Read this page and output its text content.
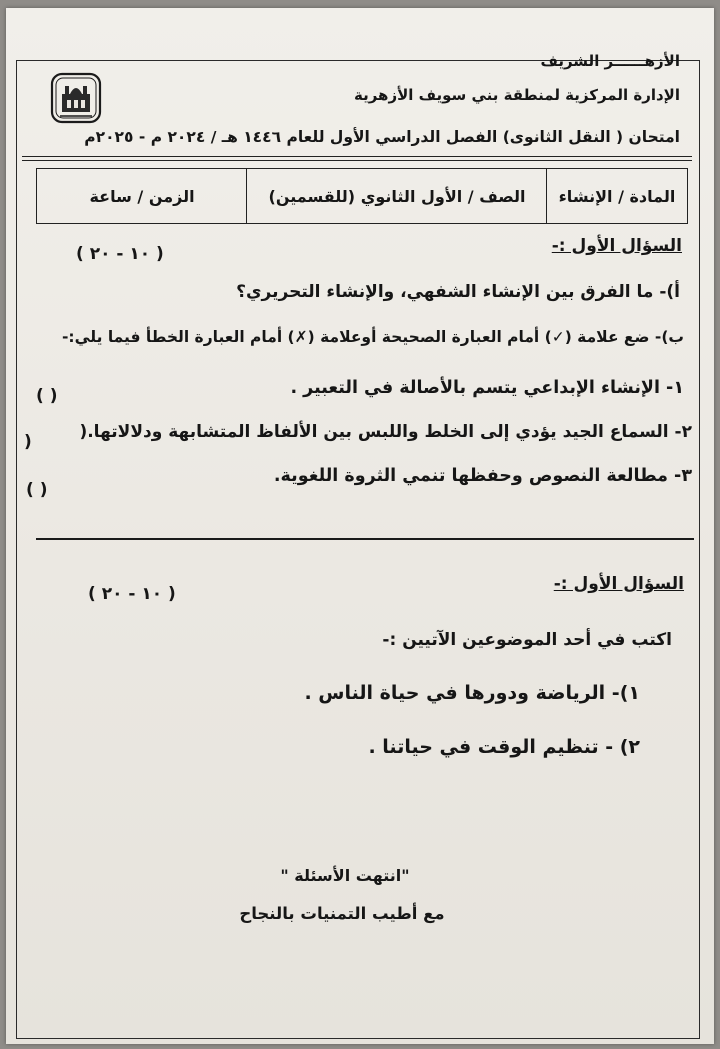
الأزهــــــر الشريف
الإدارة المركزية لمنطقة بني سويف الأزهرية
امتحان ( النقل الثانوى) الفصل الدراسي الأول للعام ١٤٤٦ هـ / ٢٠٢٤ م - ٢٠٢٥م
المادة / الإنشاء
الصف / الأول الثانوي (للقسمين)
الزمن / ساعة
السؤال الأول :-
( ١٠ - ٢٠ )
أ)- ما الفرق بين الإنشاء الشفهي، والإنشاء التحريري؟
ب)- ضع علامة (✓) أمام العبارة الصحيحة أوعلامة (✗) أمام العبارة الخطأ فيما يلي:-
١- الإنشاء الإبداعي يتسم بالأصالة في التعبير .
( )
٢- السماع الجيد يؤدي إلى الخلط واللبس بين الألفاظ المتشابهة ودلالاتها.(
)
٣- مطالعة النصوص وحفظها تنمي الثروة اللغوية.
( )
السؤال الأول :-
( ١٠ - ٢٠ )
اكتب في أحد الموضوعين الآتيين :-
١)- الرياضة ودورها في حياة الناس .
٢) - تنظيم الوقت في حياتنا .
"انتهت الأسئلة "
مع أطيب التمنيات بالنجاح
